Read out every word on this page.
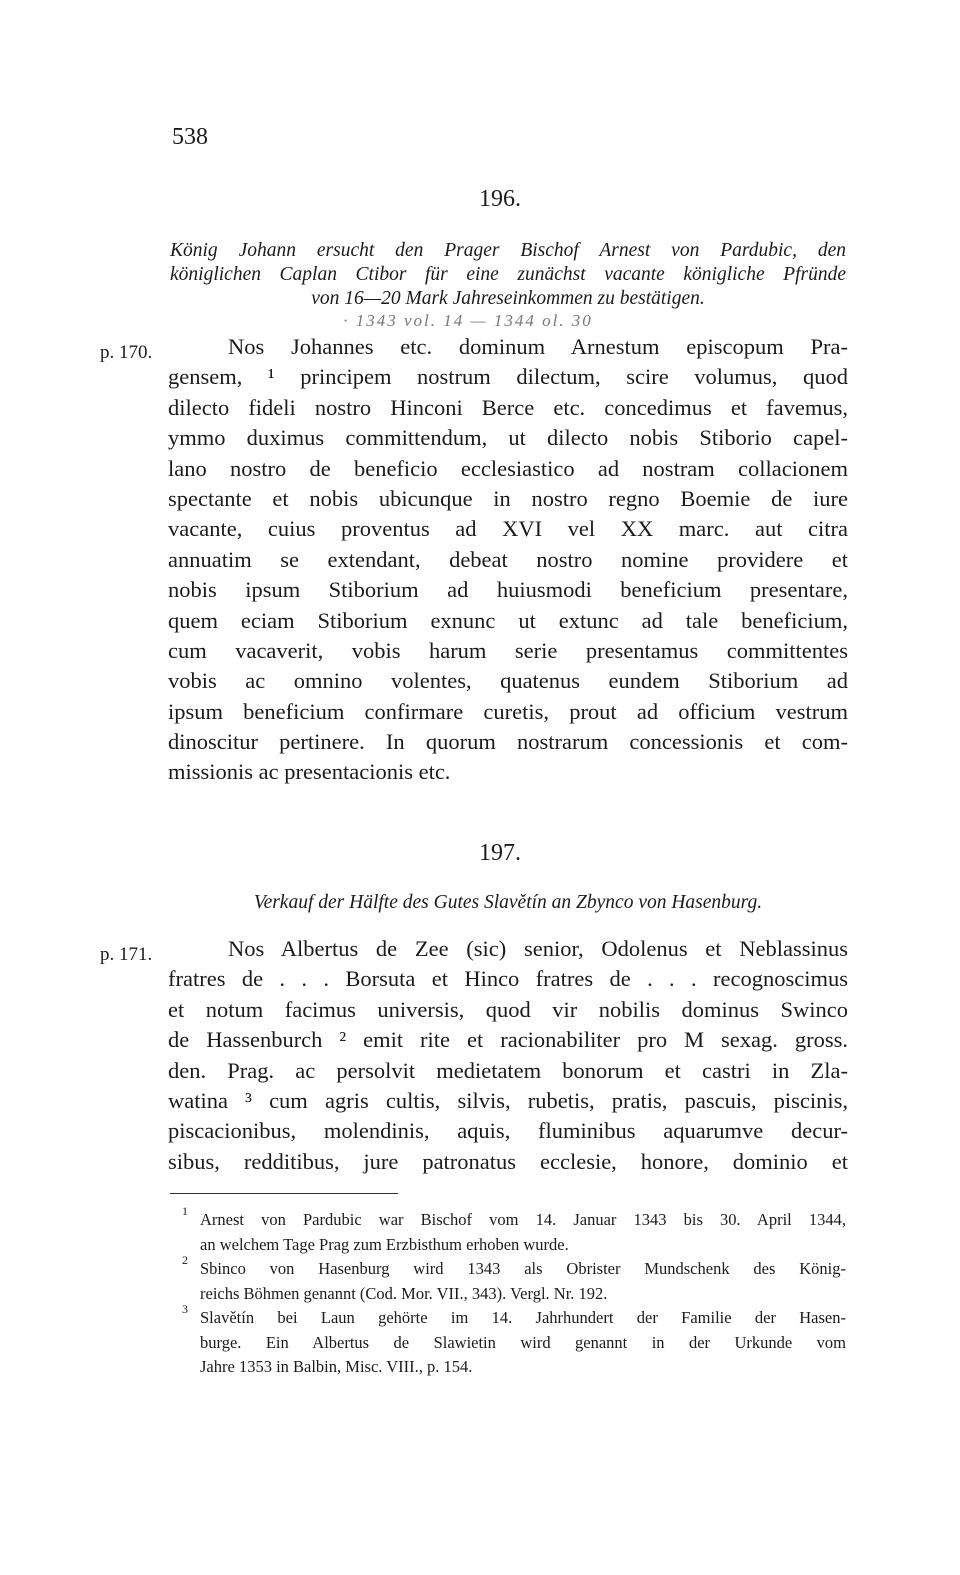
538
196.
König Johann ersucht den Prager Bischof Arnest von Pardubic, den
königlichen Caplan Ctibor für eine zunächst vacante königliche Pfründe
von 16—20 Mark Jahreseinkommen zu bestätigen.
· 1343 vol. 14 — 1344 ol. 30
p. 170.	Nos Johannes etc. dominum Arnestum episcopum Pra-
gensem, ¹ principem nostrum dilectum, scire volumus, quod
dilecto fideli nostro Hinconi Berce etc. concedimus et favemus,
ymmo duximus committendum, ut dilecto nobis Stiborio capel-
lano nostro de beneficio ecclesiastico ad nostram collacionem
spectante et nobis ubicunque in nostro regno Boemie de iure
vacante, cuius proventus ad XVI vel XX marc. aut citra
annuatim se extendant, debeat nostro nomine providere et
nobis ipsum Stiborium ad huiusmodi beneficium presentare,
quem eciam Stiborium exnunc ut extunc ad tale beneficium,
cum vacaverit, vobis harum serie presentamus committentes
vobis ac omnino volentes, quatenus eundem Stiborium ad
ipsum beneficium confirmare curetis, prout ad officium vestrum
dinoscitur pertinere. In quorum nostrarum concessionis et com-
missionis ac presentacionis etc.
197.
Verkauf der Hälfte des Gutes Slavětín an Zbynco von Hasenburg.
p. 171.	Nos Albertus de Zee (sic) senior, Odolenus et Neblassinus
fratres de . . . Borsuta et Hinco fratres de . . . recognoscimus
et notum facimus universis, quod vir nobilis dominus Swinco
de Hassenburch ² emit rite et racionabiliter pro M sexag. gross.
den. Prag. ac persolvit medietatem bonorum et castri in Zla-
watina ³ cum agris cultis, silvis, rubetis, pratis, pascuis, piscinis,
piscacionibus, molendinis, aquis, fluminibus aquarumve decur-
sibus, redditibus, jure patronatus ecclesie, honore, dominio et
1 Arnest von Pardubic war Bischof vom 14. Januar 1343 bis 30. April 1344,
an welchem Tage Prag zum Erzbisthum erhoben wurde.
2 Sbinco von Hasenburg wird 1343 als Obrister Mundschenk des König-
reichs Böhmen genannt (Cod. Mor. VII., 343). Vergl. Nr. 192.
3 Slavětín bei Laun gehörte im 14. Jahrhundert der Familie der Hasen-
burge. Ein Albertus de Slawietin wird genannt in der Urkunde vom
Jahre 1353 in Balbin, Misc. VIII., p. 154.
